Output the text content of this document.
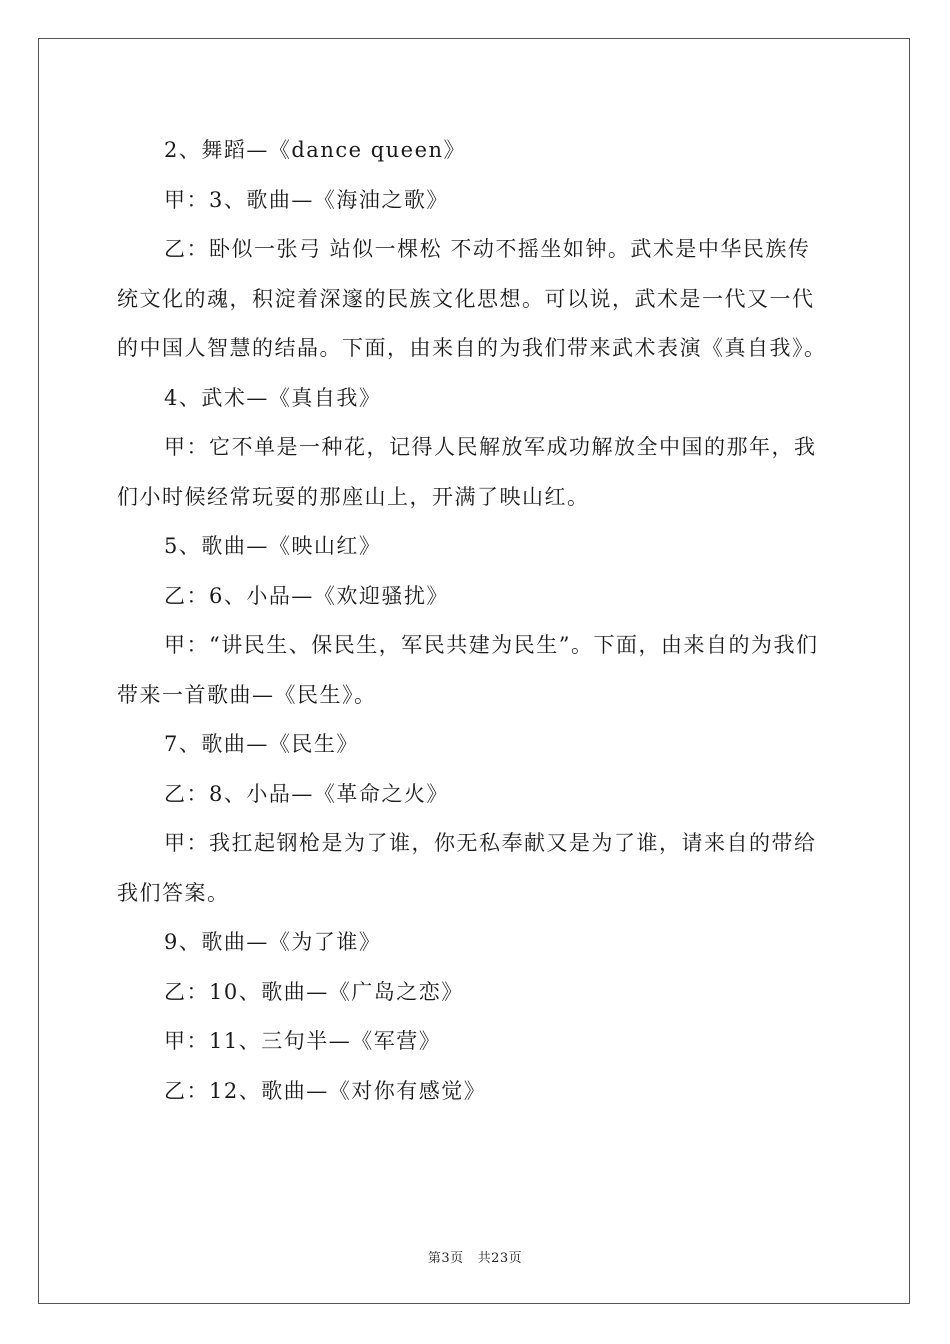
2、舞蹈—《dance queen》

甲：3、歌曲—《海油之歌》

乙：卧似一张弓 站似一棵松 不动不摇坐如钟。武术是中华民族传统文化的魂，积淀着深邃的民族文化思想。可以说，武术是一代又一代的中国人智慧的结晶。下面，由来自的为我们带来武术表演《真自我》。

4、武术—《真自我》

甲：它不单是一种花，记得人民解放军成功解放全中国的那年，我们小时候经常玩耍的那座山上，开满了映山红。

5、歌曲—《映山红》

乙：6、小品—《欢迎骚扰》

甲：“讲民生、保民生，军民共建为民生”。下面，由来自的为我们带来一首歌曲—《民生》。

7、歌曲—《民生》

乙：8、小品—《革命之火》

甲：我扛起钢枪是为了谁，你无私奉献又是为了谁，请来自的带给我们答案。

9、歌曲—《为了谁》

乙：10、歌曲—《广岛之恋》

甲：11、三句半—《军营》

乙：12、歌曲—《对你有感觉》

第3页 共23页
